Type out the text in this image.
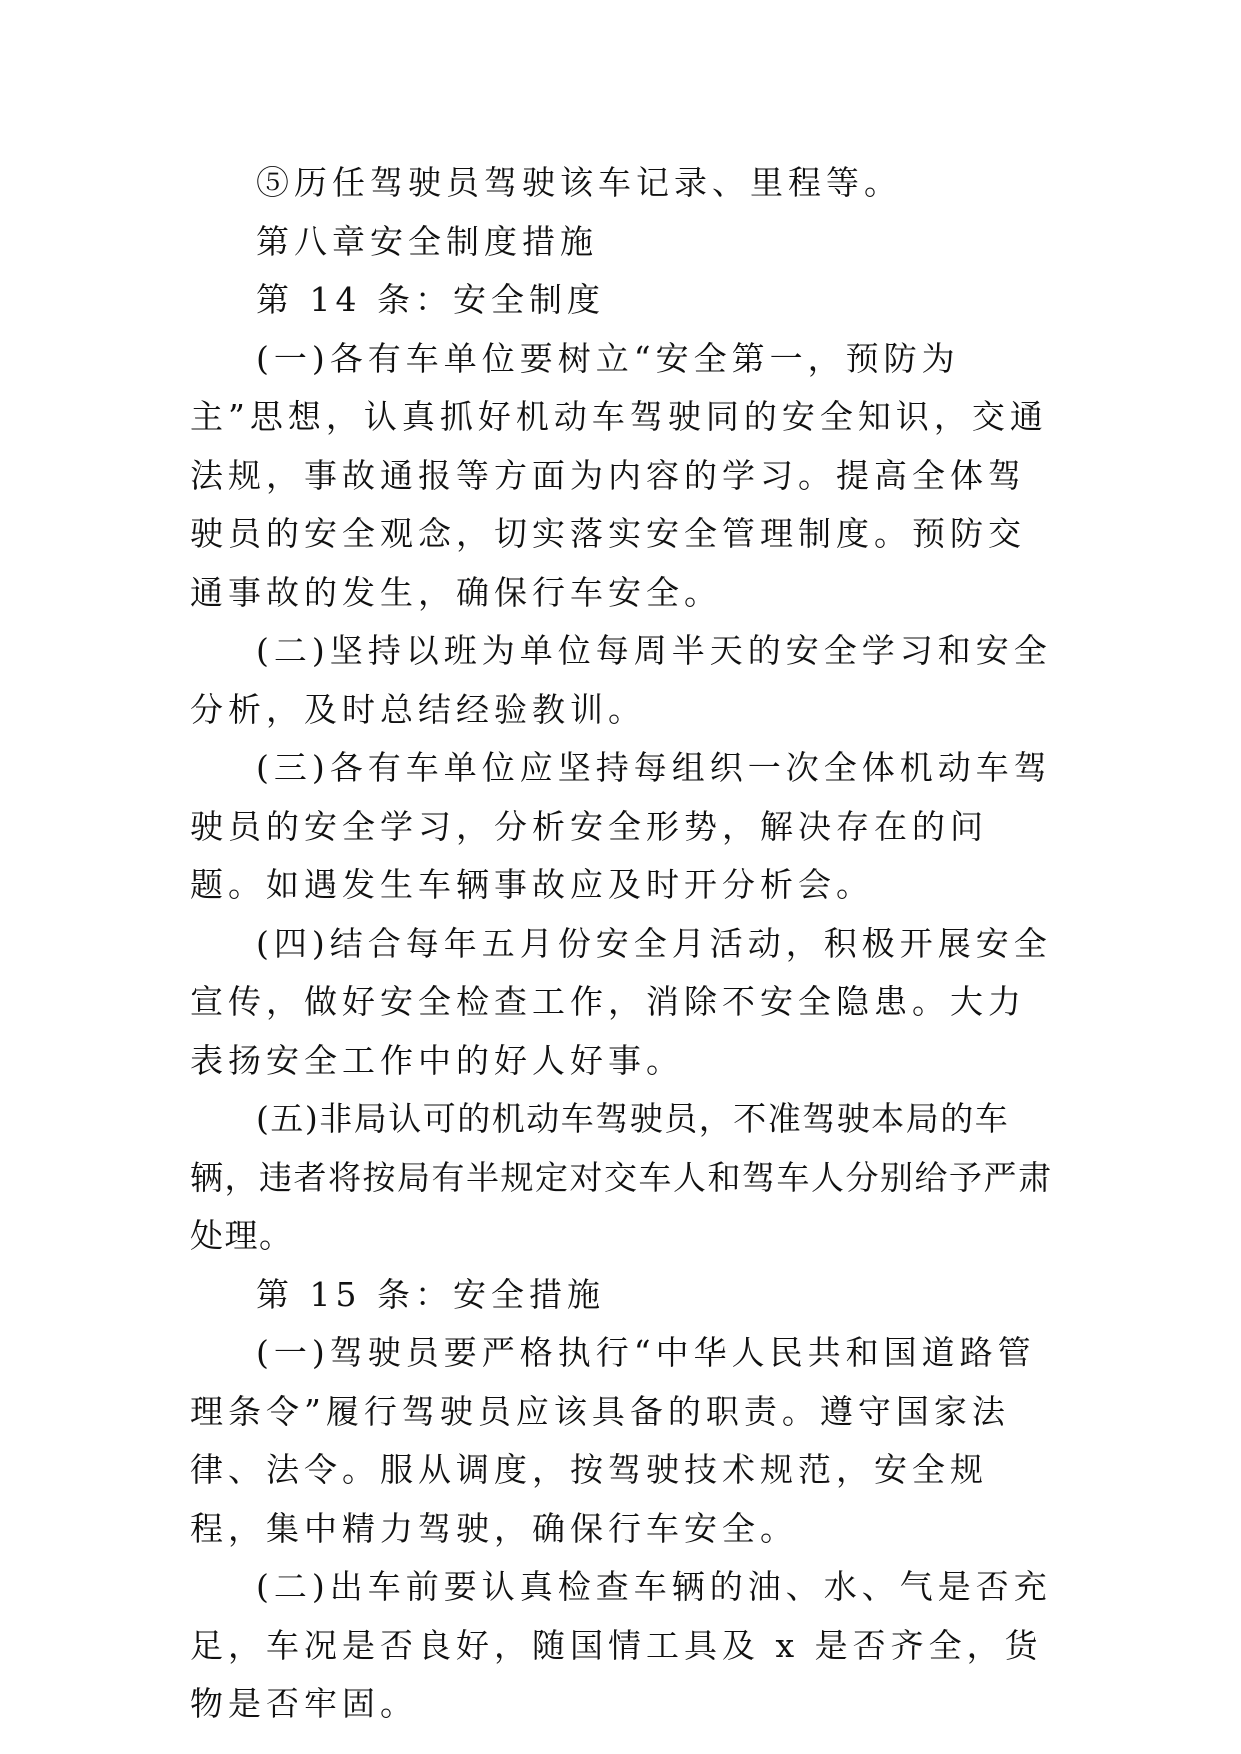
⑤历任驾驶员驾驶该车记录、里程等。

第八章安全制度措施

第 14 条：安全制度

(一)各有车单位要树立“安全第一，预防为主”思想，认真抓好机动车驾驶同的安全知识，交通法规，事故通报等方面为内容的学习。提高全体驾驶员的安全观念，切实落实安全管理制度。预防交通事故的发生，确保行车安全。

(二)坚持以班为单位每周半天的安全学习和安全分析，及时总结经验教训。

(三)各有车单位应坚持每组织一次全体机动车驾驶员的安全学习，分析安全形势，解决存在的问题。如遇发生车辆事故应及时开分析会。

(四)结合每年五月份安全月活动，积极开展安全宣传，做好安全检查工作，消除不安全隐患。大力表扬安全工作中的好人好事。

(五)非局认可的机动车驾驶员，不准驾驶本局的车辆，违者将按局有半规定对交车人和驾车人分别给予严肃处理。

第 15 条：安全措施

(一)驾驶员要严格执行“中华人民共和国道路管理条令”履行驾驶员应该具备的职责。遵守国家法律、法令。服从调度，按驾驶技术规范，安全规程，集中精力驾驶，确保行车安全。

(二)出车前要认真检查车辆的油、水、气是否充足，车况是否良好，随国情工具及 x 是否齐全，货物是否牢固。
